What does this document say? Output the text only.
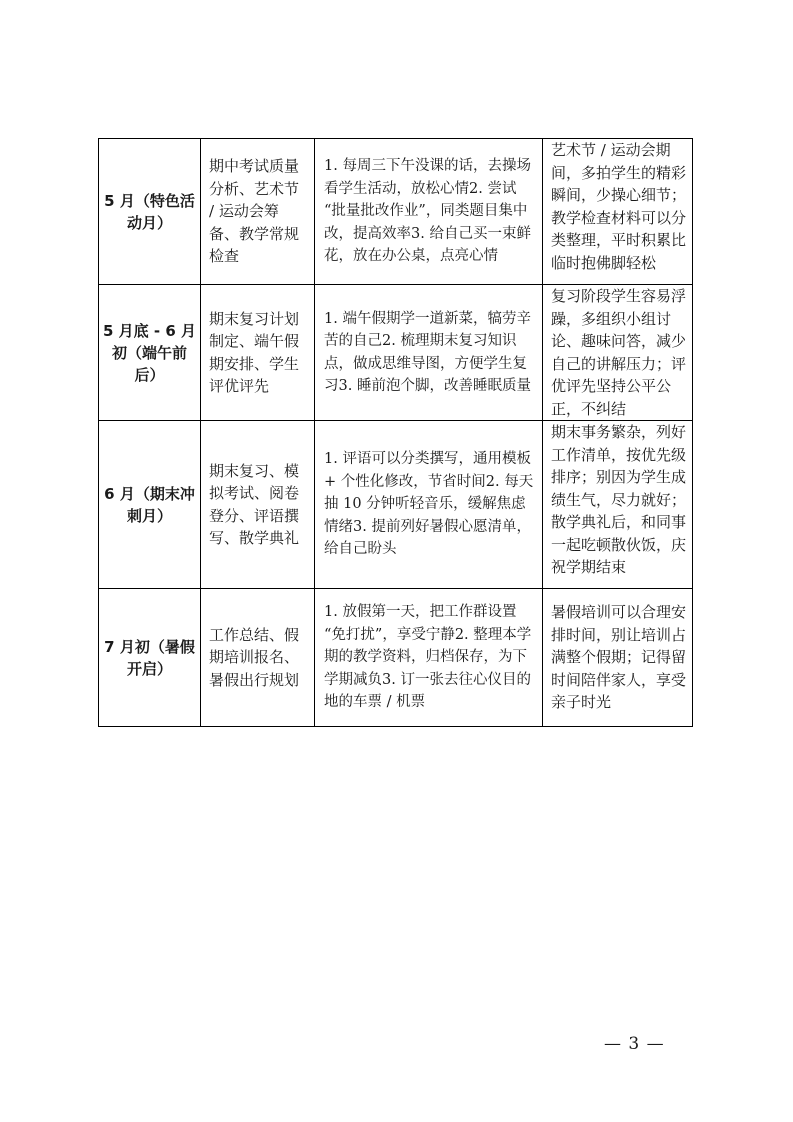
5 月（特色活动月）	期中考试质量分析、艺术节 / 运动会筹备、教学常规检查	1. 每周三下午没课的话，去操场看学生活动，放松心情2. 尝试 “批量批改作业”，同类题目集中改，提高效率3. 给自己买一束鲜花，放在办公桌，点亮心情	艺术节 / 运动会期间，多拍学生的精彩瞬间，少操心细节；教学检查材料可以分类整理，平时积累比临时抱佛脚轻松
5 月底 - 6 月初（端午前后）	期末复习计划制定、端午假期安排、学生评优评先	1. 端午假期学一道新菜，犒劳辛苦的自己2. 梳理期末复习知识点，做成思维导图，方便学生复习3. 睡前泡个脚，改善睡眠质量	复习阶段学生容易浮躁，多组织小组讨论、趣味问答，减少自己的讲解压力；评优评先坚持公平公正，不纠结
6 月（期末冲刺月）	期末复习、模拟考试、阅卷登分、评语撰写、散学典礼	1. 评语可以分类撰写，通用模板 + 个性化修改，节省时间2. 每天抽 10 分钟听轻音乐，缓解焦虑情绪3. 提前列好暑假心愿清单，给自己盼头	期末事务繁杂，列好工作清单，按优先级排序；别因为学生成绩生气，尽力就好；散学典礼后，和同事一起吃顿散伙饭，庆祝学期结束
7 月初（暑假开启）	工作总结、假期培训报名、暑假出行规划	1. 放假第一天，把工作群设置 “免打扰”，享受宁静2. 整理本学期的教学资料，归档保存，为下学期减负3. 订一张去往心仪目的地的车票 / 机票	暑假培训可以合理安排时间，别让培训占满整个假期；记得留时间陪伴家人，享受亲子时光
— 3 —
